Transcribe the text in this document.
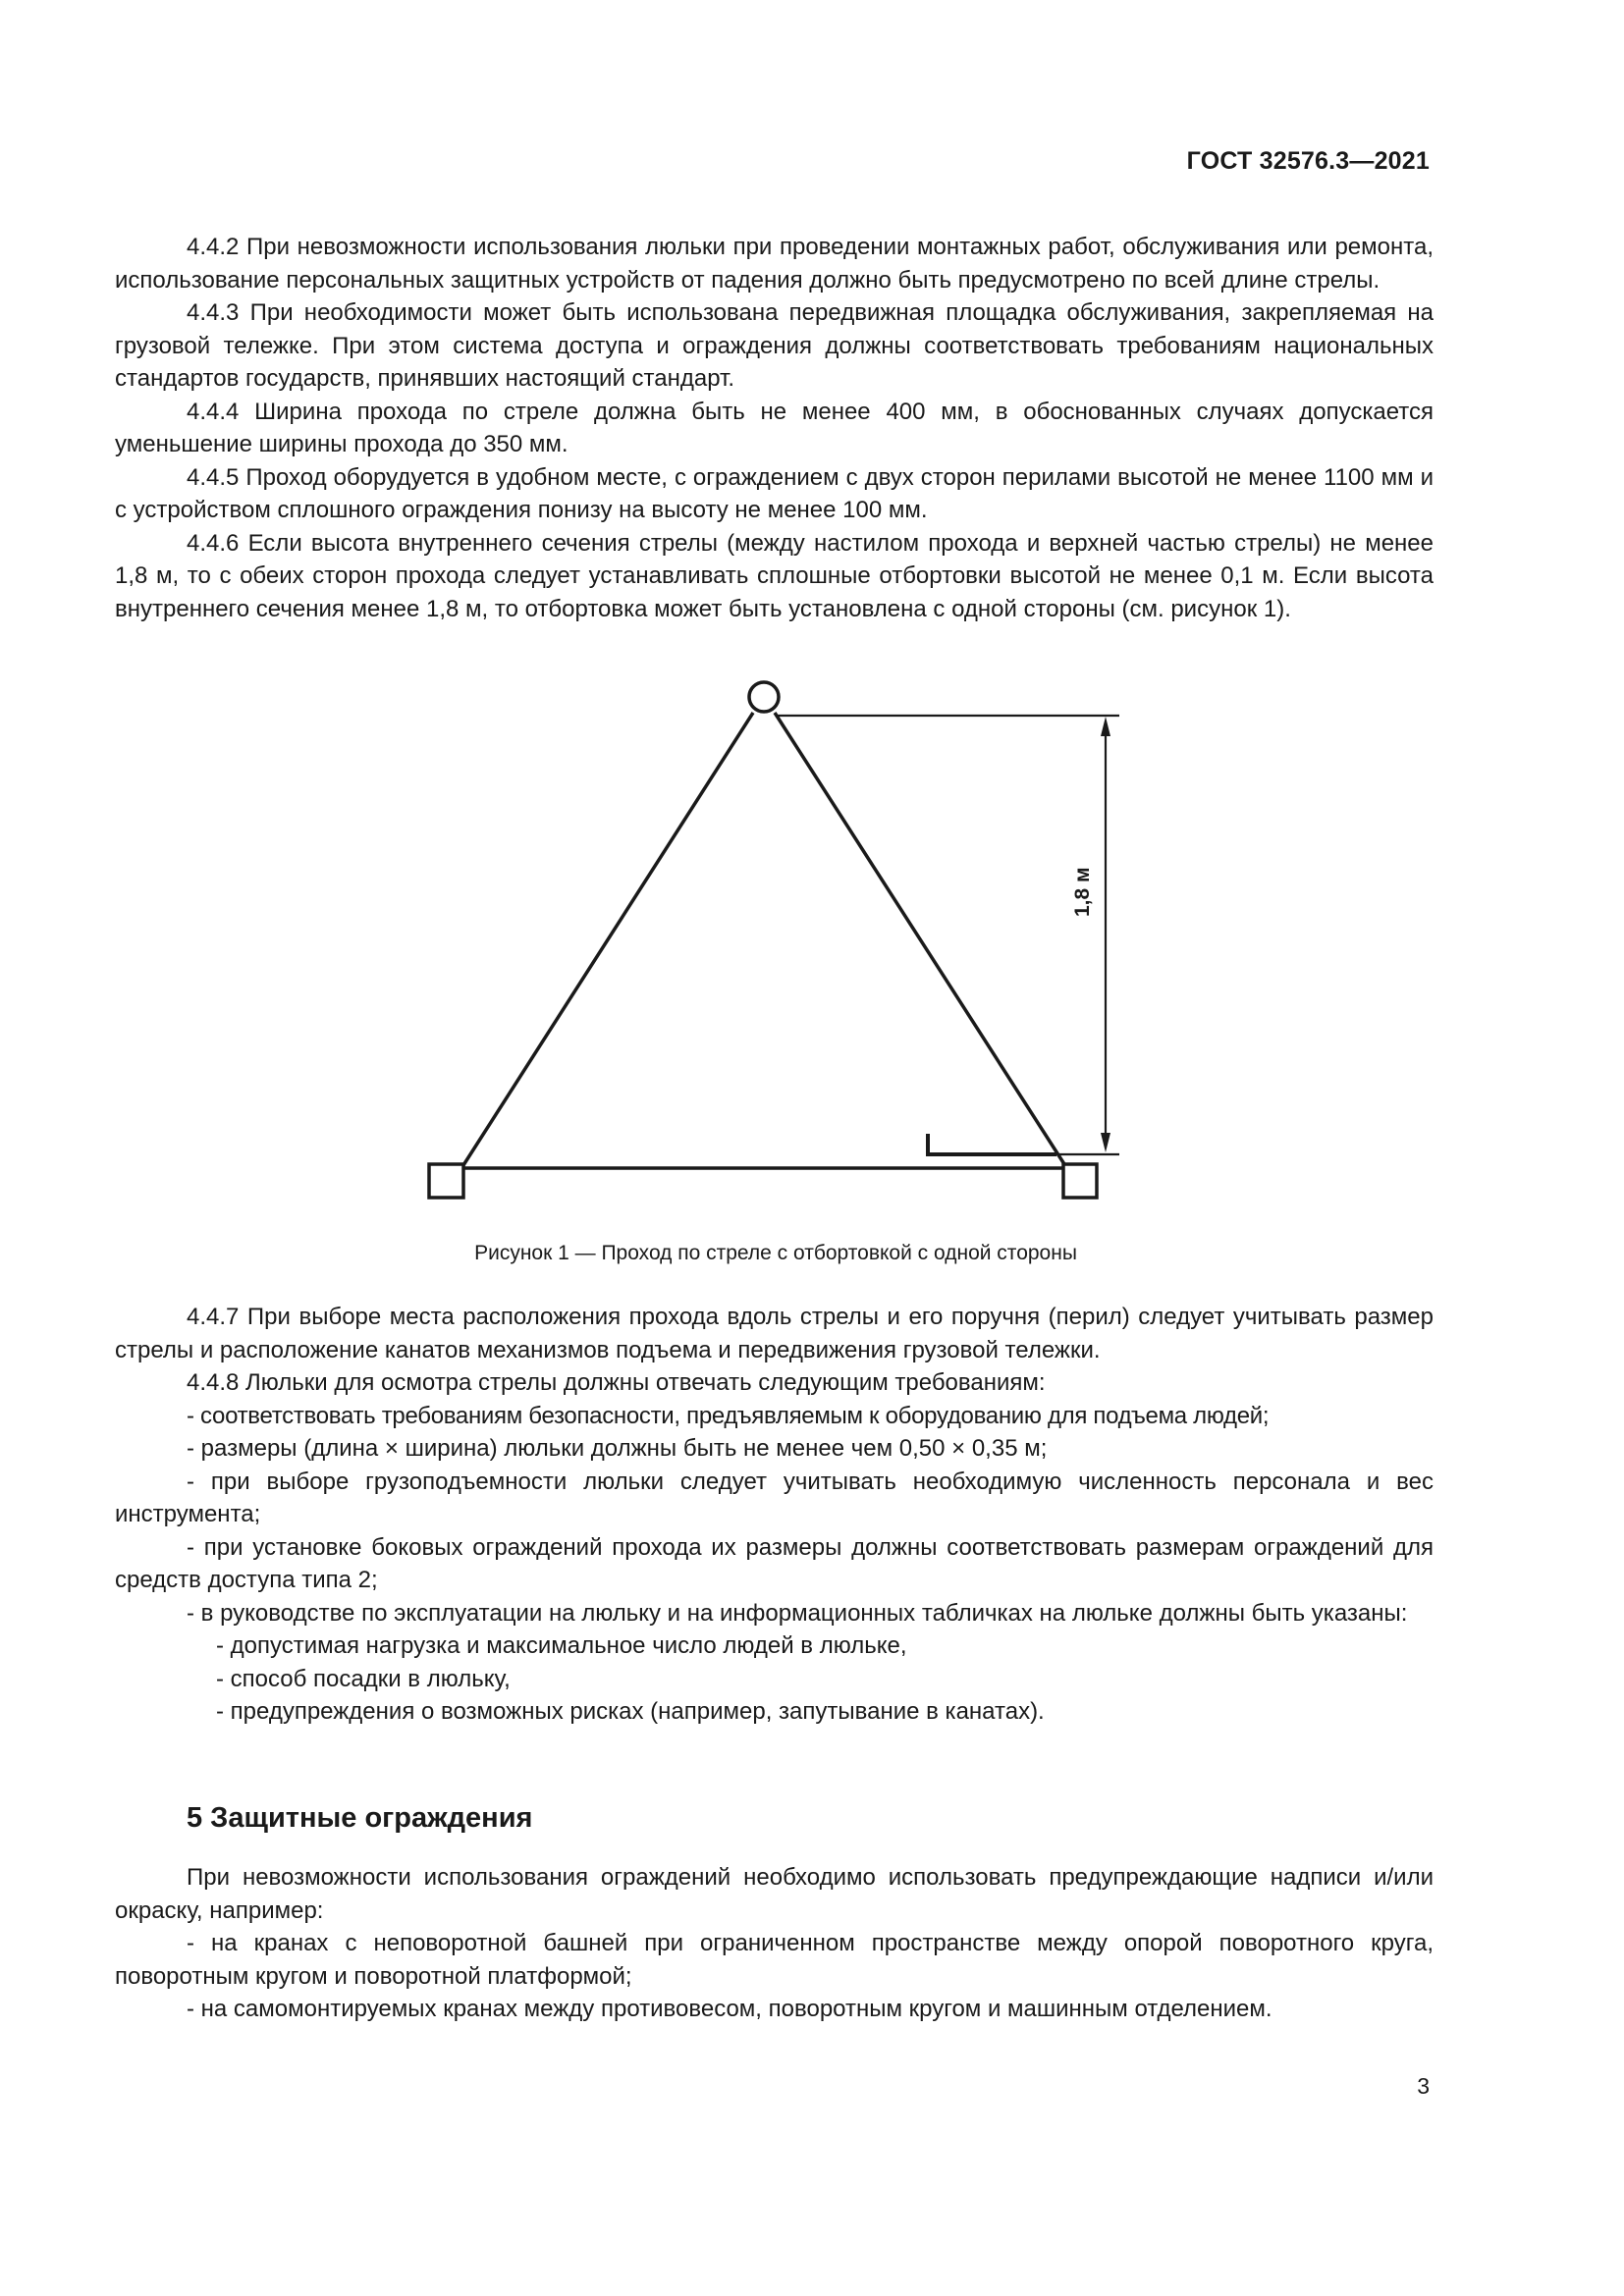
ГОСТ 32576.3—2021

4.4.2 При невозможности использования люльки при проведении монтажных работ, обслуживания или ремонта, использование персональных защитных устройств от падения должно быть предусмотрено по всей длине стрелы.

4.4.3 При необходимости может быть использована передвижная площадка обслуживания, закрепляемая на грузовой тележке. При этом система доступа и ограждения должны соответствовать требованиям национальных стандартов государств, принявших настоящий стандарт.

4.4.4 Ширина прохода по стреле должна быть не менее 400 мм, в обоснованных случаях допускается уменьшение ширины прохода до 350 мм.

4.4.5 Проход оборудуется в удобном месте, с ограждением с двух сторон перилами высотой не менее 1100 мм и с устройством сплошного ограждения понизу на высоту не менее 100 мм.

4.4.6 Если высота внутреннего сечения стрелы (между настилом прохода и верхней частью стрелы) не менее 1,8 м, то с обеих сторон прохода следует устанавливать сплошные отбортовки высотой не менее 0,1 м. Если высота внутреннего сечения менее 1,8 м, то отбортовка может быть установлена с одной стороны (см. рисунок 1).

1,8 м
Рисунок 1 — Проход по стреле с отбортовкой с одной стороны

4.4.7 При выборе места расположения прохода вдоль стрелы и его поручня (перил) следует учитывать размер стрелы и расположение канатов механизмов подъема и передвижения грузовой тележки.

4.4.8 Люльки для осмотра стрелы должны отвечать следующим требованиям:

- соответствовать требованиям безопасности, предъявляемым к оборудованию для подъема людей;

- размеры (длина × ширина) люльки должны быть не менее чем 0,50 × 0,35 м;

- при выборе грузоподъемности люльки следует учитывать необходимую численность персонала и вес инструмента;

- при установке боковых ограждений прохода их размеры должны соответствовать размерам ограждений для средств доступа типа 2;

- в руководстве по эксплуатации на люльку и на информационных табличках на люльке должны быть указаны:

- допустимая нагрузка и максимальное число людей в люльке,

- способ посадки в люльку,

- предупреждения о возможных рисках (например, запутывание в канатах).

5 Защитные ограждения

При невозможности использования ограждений необходимо использовать предупреждающие надписи и/или окраску, например:

- на кранах с неповоротной башней при ограниченном пространстве между опорой поворотного круга, поворотным кругом и поворотной платформой;

- на самомонтируемых кранах между противовесом, поворотным кругом и машинным отделением.

3
